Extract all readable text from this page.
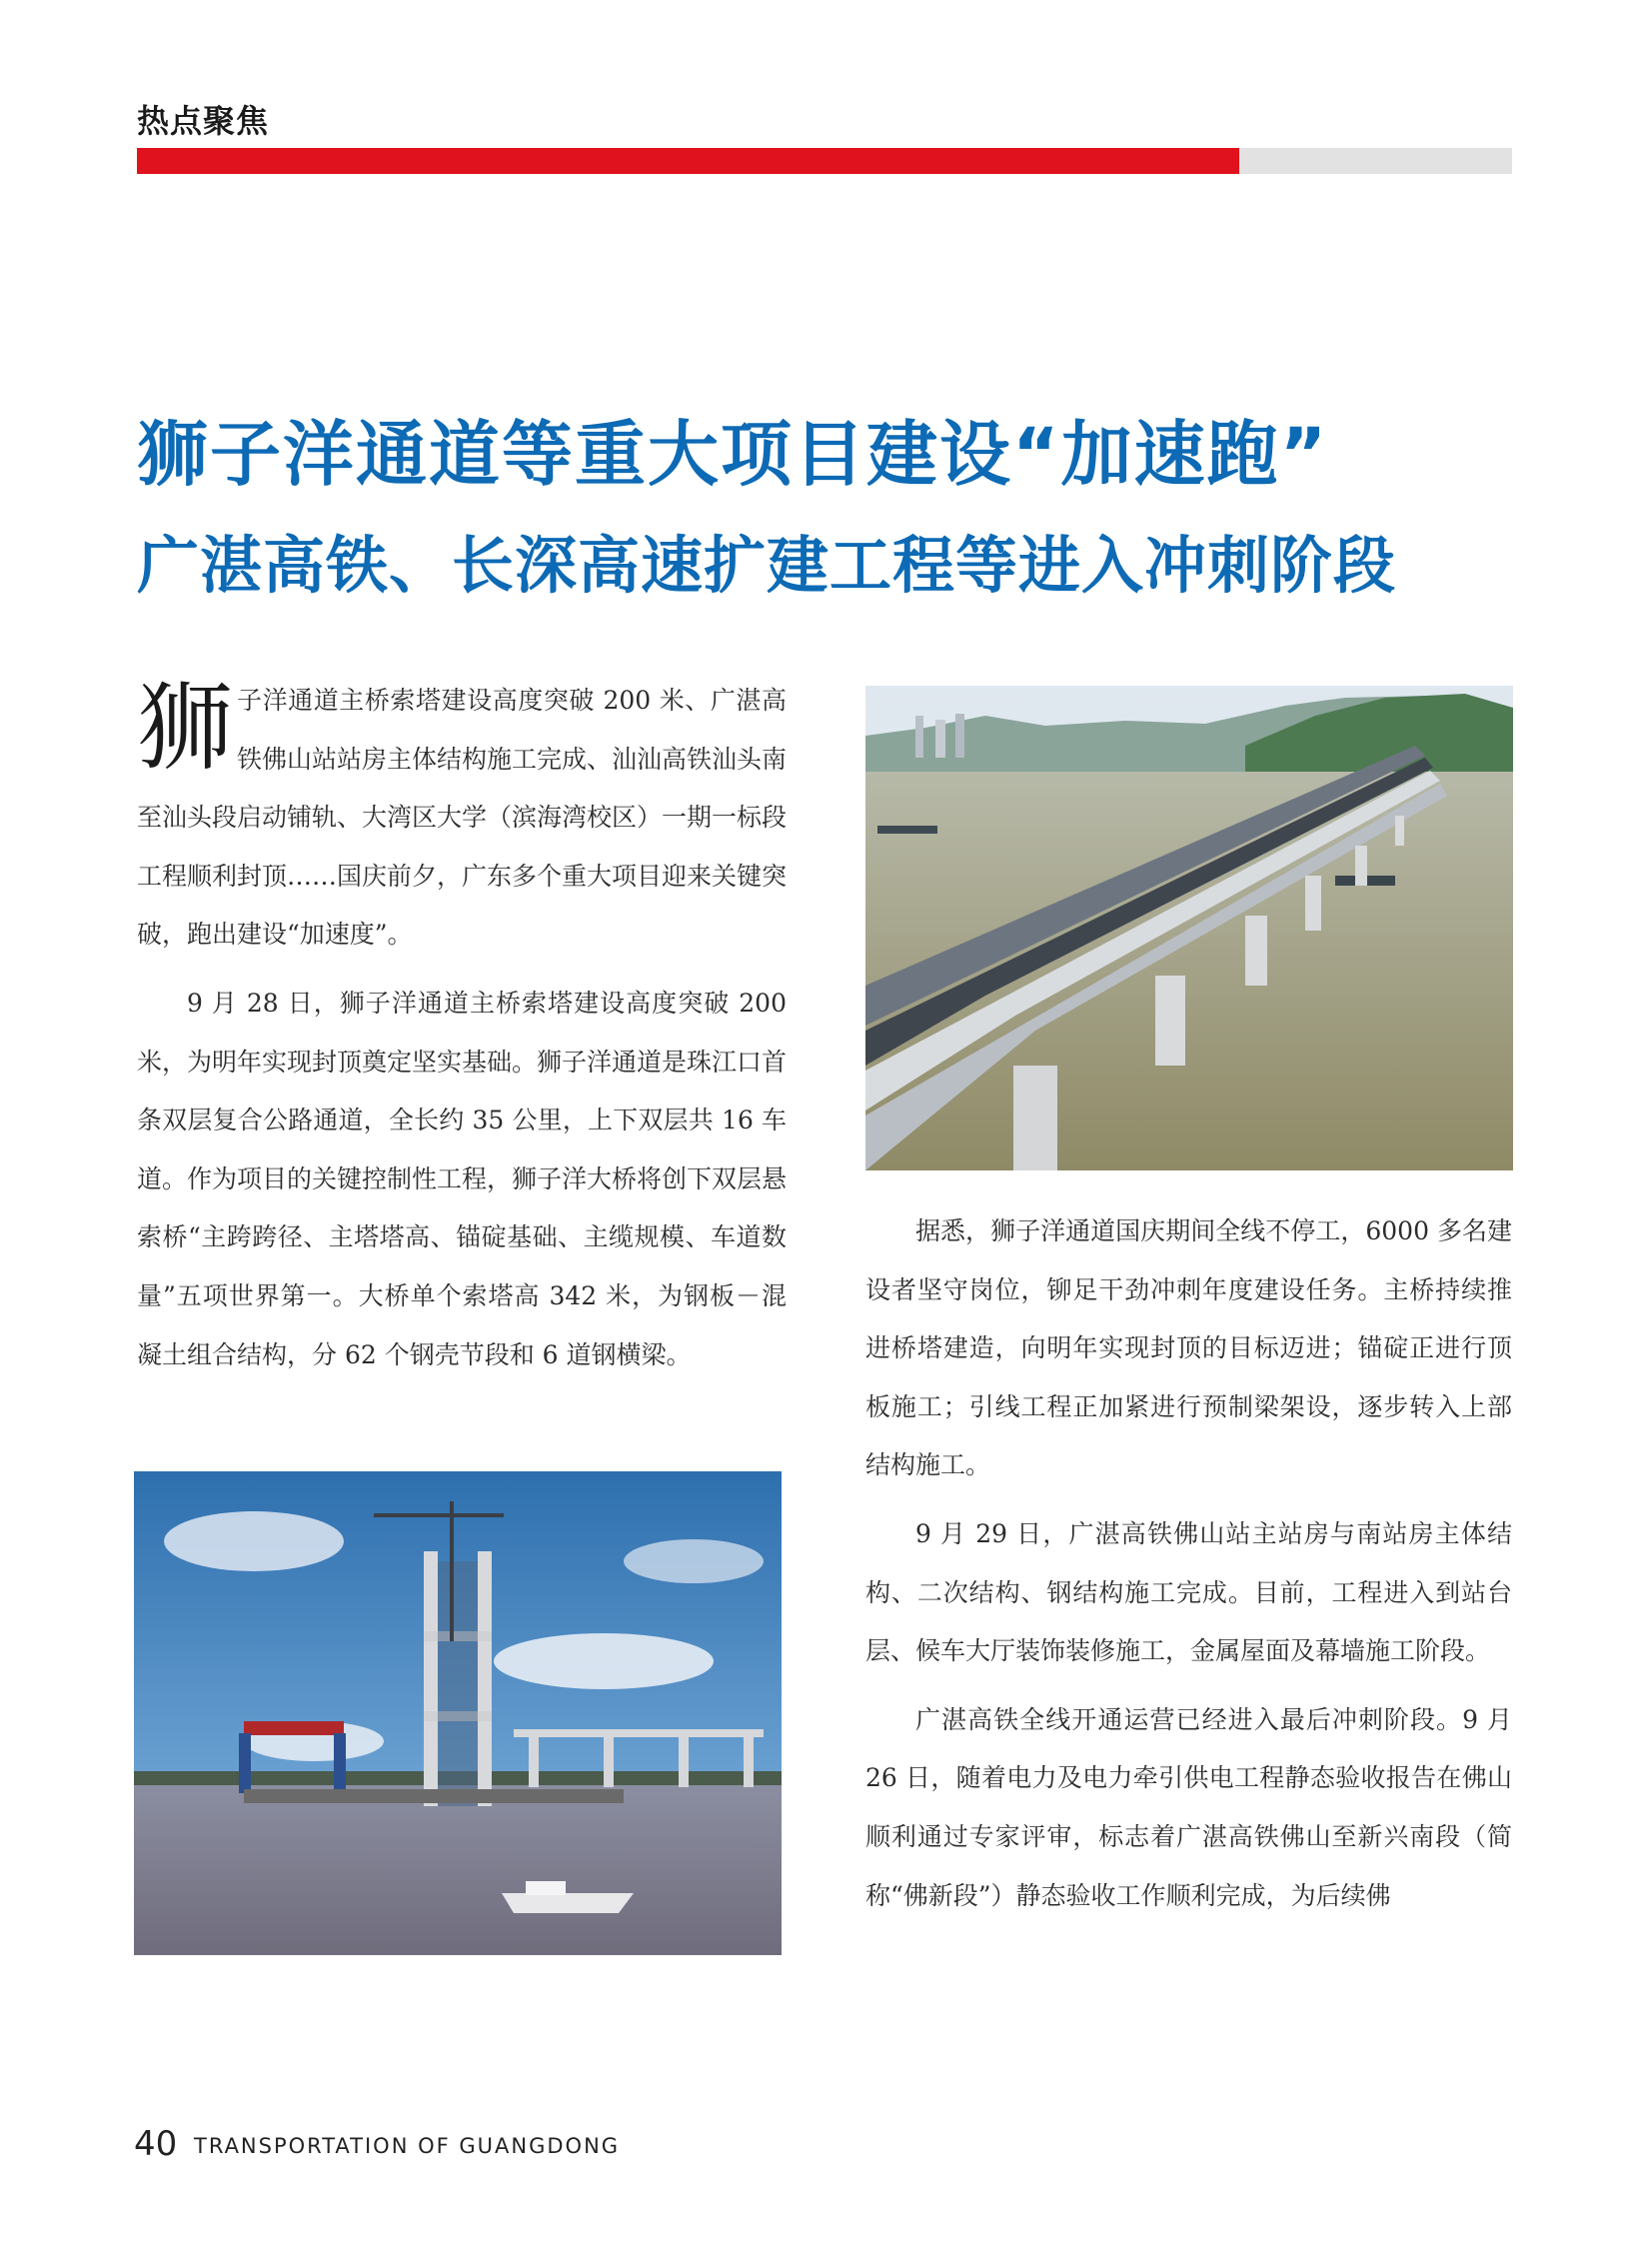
热点聚焦
狮子洋通道等重大项目建设“加速跑”
广湛高铁、长深高速扩建工程等进入冲刺阶段

狮子洋通道主桥索塔建设高度突破 200 米、广湛高铁佛山站站房主体结构施工完成、汕汕高铁汕头南至汕头段启动铺轨、大湾区大学（滨海湾校区）一期一标段工程顺利封顶……国庆前夕，广东多个重大项目迎来关键突破，跑出建设“加速度”。

9 月 28 日，狮子洋通道主桥索塔建设高度突破 200 米，为明年实现封顶奠定坚实基础。狮子洋通道是珠江口首条双层复合公路通道，全长约 35 公里，上下双层共 16 车道。作为项目的关键控制性工程，狮子洋大桥将创下双层悬索桥“主跨跨径、主塔塔高、锚碇基础、主缆规模、车道数量”五项世界第一。大桥单个索塔高 342 米，为钢板－混凝土组合结构，分 62 个钢壳节段和 6 道钢横梁。

据悉，狮子洋通道国庆期间全线不停工，6000 多名建设者坚守岗位，铆足干劲冲刺年度建设任务。主桥持续推进桥塔建造，向明年实现封顶的目标迈进；锚碇正进行顶板施工；引线工程正加紧进行预制梁架设，逐步转入上部结构施工。

9 月 29 日，广湛高铁佛山站主站房与南站房主体结构、二次结构、钢结构施工完成。目前，工程进入到站台层、候车大厅装饰装修施工，金属屋面及幕墙施工阶段。

广湛高铁全线开通运营已经进入最后冲刺阶段。9 月 26 日，随着电力及电力牵引供电工程静态验收报告在佛山顺利通过专家评审，标志着广湛高铁佛山至新兴南段（简称“佛新段”）静态验收工作顺利完成，为后续佛

40 TRANSPORTATION OF GUANGDONG
